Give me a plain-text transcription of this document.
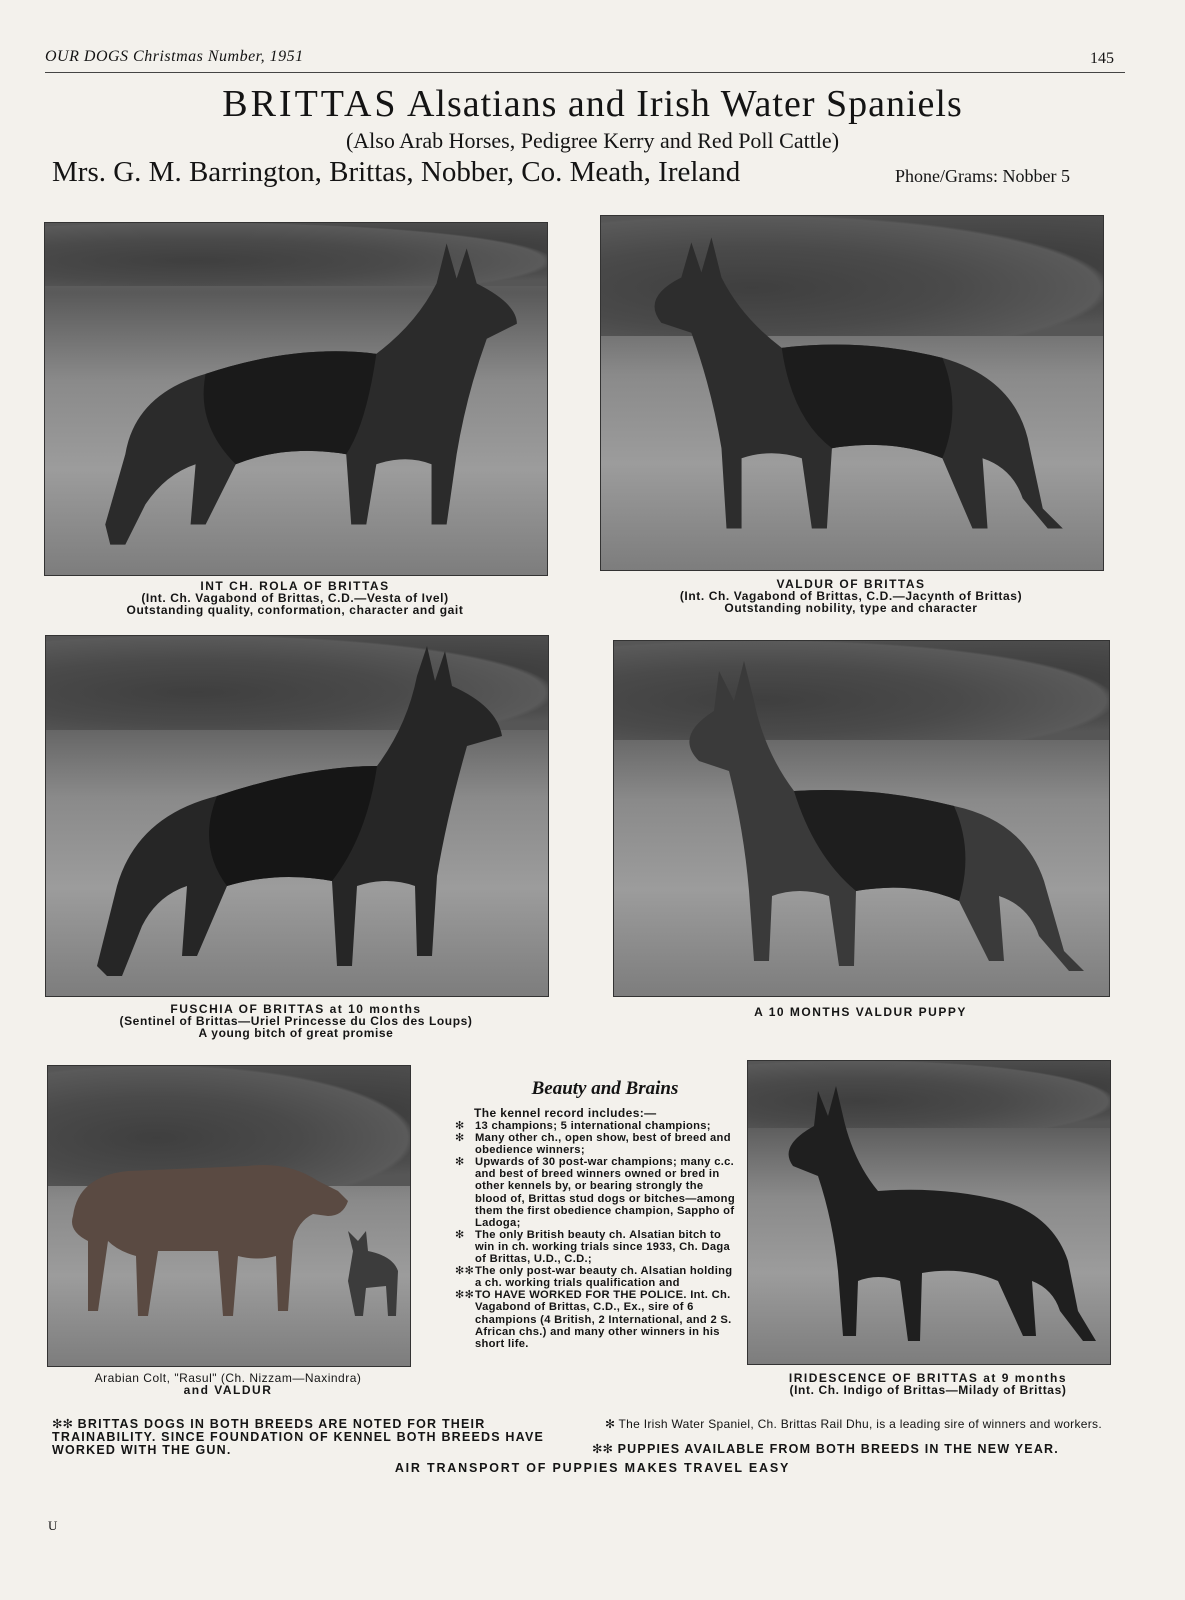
OUR DOGS Christmas Number, 1951	145
BRITTAS Alsatians and Irish Water Spaniels
(Also Arab Horses, Pedigree Kerry and Red Poll Cattle)
Mrs. G. M. Barrington, Brittas, Nobber, Co. Meath, Ireland	Phone/Grams: Nobber 5
INT CH. ROLA OF BRITTAS
(Int. Ch. Vagabond of Brittas, C.D.—Vesta of Ivel)
Outstanding quality, conformation, character and gait
VALDUR OF BRITTAS
(Int. Ch. Vagabond of Brittas, C.D.—Jacynth of Brittas)
Outstanding nobility, type and character
FUSCHIA OF BRITTAS at 10 months
(Sentinel of Brittas—Uriel Princesse du Clos des Loups)
A young bitch of great promise
A 10 MONTHS VALDUR PUPPY
Arabian Colt, "Rasul" (Ch. Nizzam—Naxindra)
and VALDUR
IRIDESCENCE OF BRITTAS at 9 months
(Int. Ch. Indigo of Brittas—Milady of Brittas)
Beauty and Brains
The kennel record includes:—
✻ 13 champions; 5 international champions;
✻ Many other ch., open show, best of breed and obedience winners;
✻ Upwards of 30 post-war champions; many c.c. and best of breed winners owned or bred in other kennels by, or bearing strongly the blood of, Brittas stud dogs or bitches—among them the first obedience champion, Sappho of Ladoga;
✻ The only British beauty ch. Alsatian bitch to win in ch. working trials since 1933, Ch. Daga of Brittas, U.D., C.D.;
✻✻ The only post-war beauty ch. Alsatian holding a ch. working trials qualification and
✻✻ TO HAVE WORKED FOR THE POLICE. Int. Ch. Vagabond of Brittas, C.D., Ex., sire of 6 champions (4 British, 2 International, and 2 S. African chs.) and many other winners in his short life.
✻✻ BRITTAS DOGS IN BOTH BREEDS ARE NOTED FOR THEIR TRAINABILITY. SINCE FOUNDATION OF KENNEL BOTH BREEDS HAVE WORKED WITH THE GUN.
✻ The Irish Water Spaniel, Ch. Brittas Rail Dhu, is a leading sire of winners and workers.
✻✻ PUPPIES AVAILABLE FROM BOTH BREEDS IN THE NEW YEAR.
AIR TRANSPORT OF PUPPIES MAKES TRAVEL EASY
U
